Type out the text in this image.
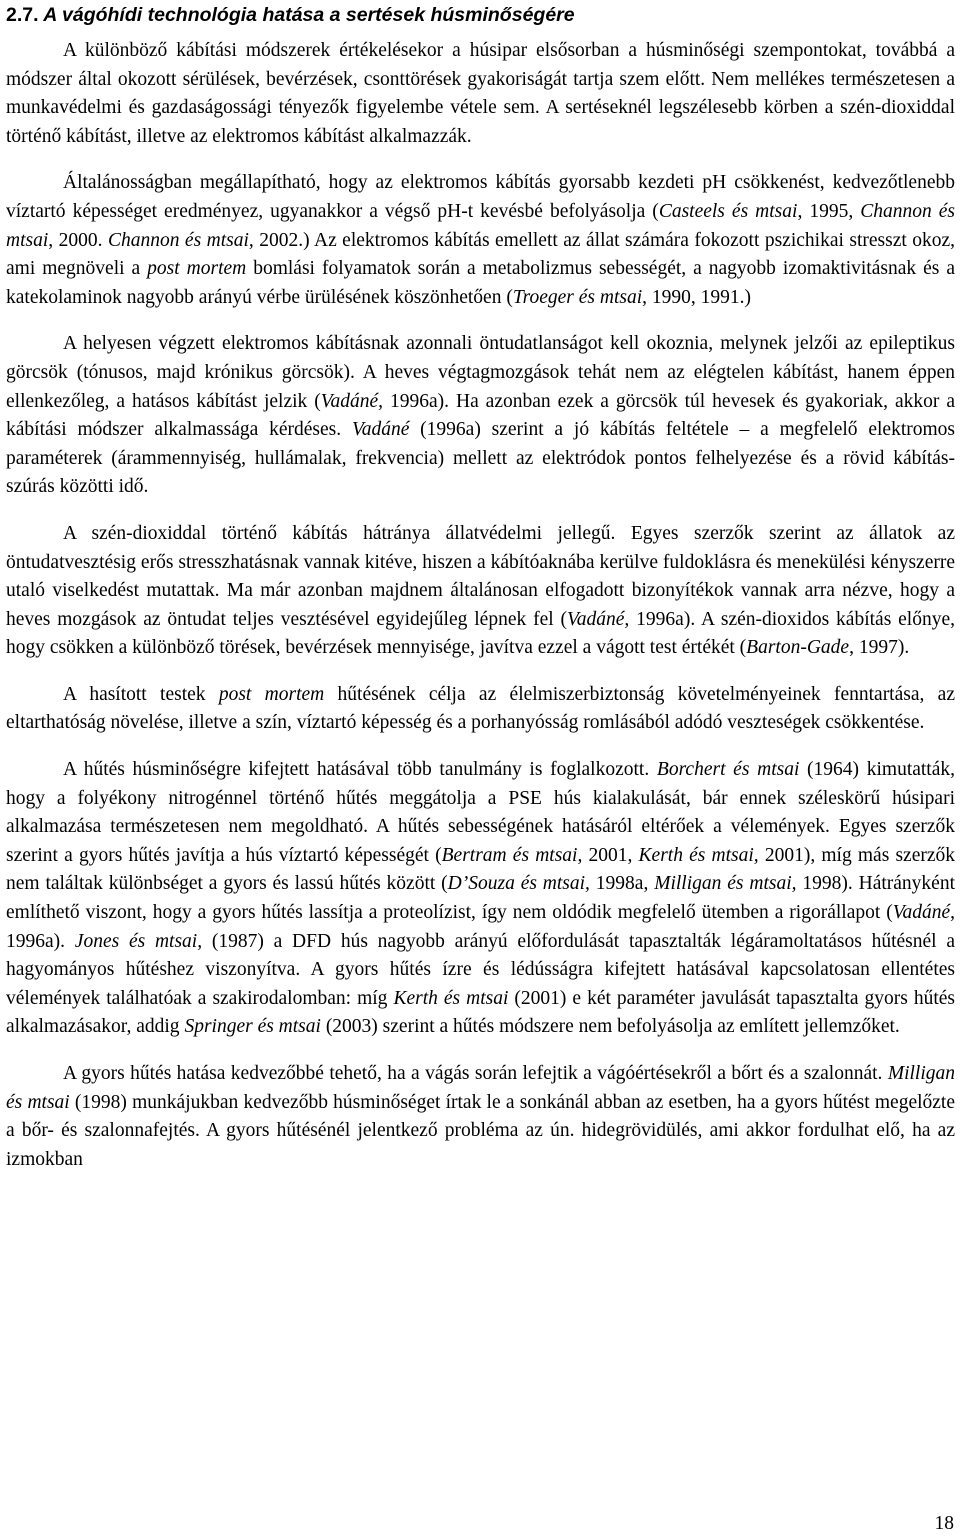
2.7. A vágóhídi technológia hatása a sertések húsminőségére

A különböző kábítási módszerek értékelésekor a húsipar elsősorban a húsminőségi szempontokat, továbbá a módszer által okozott sérülések, bevérzések, csonttörések gyakoriságát tartja szem előtt. Nem mellékes természetesen a munkavédelmi és gazdaságossági tényezők figyelembe vétele sem. A sertéseknél legszélesebb körben a szén-dioxiddal történő kábítást, illetve az elektromos kábítást alkalmazzák.

Általánosságban megállapítható, hogy az elektromos kábítás gyorsabb kezdeti pH csökkenést, kedvezőtlenebb víztartó képességet eredményez, ugyanakkor a végső pH-t kevésbé befolyásolja (Casteels és mtsai, 1995, Channon és mtsai, 2000. Channon és mtsai, 2002.) Az elektromos kábítás emellett az állat számára fokozott pszichikai stresszt okoz, ami megnöveli a post mortem bomlási folyamatok során a metabolizmus sebességét, a nagyobb izomaktivitásnak és a katekolaminok nagyobb arányú vérbe ürülésének köszönhetően (Troeger és mtsai, 1990, 1991.)

A helyesen végzett elektromos kábításnak azonnali öntudatlanságot kell okoznia, melynek jelzői az epileptikus görcsök (tónusos, majd krónikus görcsök). A heves végtagmozgások tehát nem az elégtelen kábítást, hanem éppen ellenkezőleg, a hatásos kábítást jelzik (Vadáné, 1996a). Ha azonban ezek a görcsök túl hevesek és gyakoriak, akkor a kábítási módszer alkalmassága kérdéses. Vadáné (1996a) szerint a jó kábítás feltétele – a megfelelő elektromos paraméterek (árammennyiség, hullámalak, frekvencia) mellett az elektródok pontos felhelyezése és a rövid kábítás-szúrás közötti idő.

A szén-dioxiddal történő kábítás hátránya állatvédelmi jellegű. Egyes szerzők szerint az állatok az öntudatvesztésig erős stresszhatásnak vannak kitéve, hiszen a kábítóaknába kerülve fuldoklásra és menekülési kényszerre utaló viselkedést mutattak. Ma már azonban majdnem általánosan elfogadott bizonyítékok vannak arra nézve, hogy a heves mozgások az öntudat teljes vesztésével egyidejűleg lépnek fel (Vadáné, 1996a). A szén-dioxidos kábítás előnye, hogy csökken a különböző törések, bevérzések mennyisége, javítva ezzel a vágott test értékét (Barton-Gade, 1997).

A hasított testek post mortem hűtésének célja az élelmiszerbiztonság követelményeinek fenntartása, az eltarthatóság növelése, illetve a szín, víztartó képesség és a porhanyósság romlásából adódó veszteségek csökkentése.

A hűtés húsminőségre kifejtett hatásával több tanulmány is foglalkozott. Borchert és mtsai (1964) kimutatták, hogy a folyékony nitrogénnel történő hűtés meggátolja a PSE hús kialakulását, bár ennek széleskörű húsipari alkalmazása természetesen nem megoldható. A hűtés sebességének hatásáról eltérőek a vélemények. Egyes szerzők szerint a gyors hűtés javítja a hús víztartó képességét (Bertram és mtsai, 2001, Kerth és mtsai, 2001), míg más szerzők nem találtak különbséget a gyors és lassú hűtés között (D’Souza és mtsai, 1998a, Milligan és mtsai, 1998). Hátrányként említhető viszont, hogy a gyors hűtés lassítja a proteolízist, így nem oldódik megfelelő ütemben a rigorállapot (Vadáné, 1996a). Jones és mtsai, (1987) a DFD hús nagyobb arányú előfordulását tapasztalták légáramoltatásos hűtésnél a hagyományos hűtéshez viszonyítva. A gyors hűtés ízre és lédússágra kifejtett hatásával kapcsolatosan ellentétes vélemények találhatóak a szakirodalomban: míg Kerth és mtsai (2001) e két paraméter javulását tapasztalta gyors hűtés alkalmazásakor, addig Springer és mtsai (2003) szerint a hűtés módszere nem befolyásolja az említett jellemzőket.

A gyors hűtés hatása kedvezőbbé tehető, ha a vágás során lefejtik a vágóértésekről a bőrt és a szalonnát. Milligan és mtsai (1998) munkájukban kedvezőbb húsminőséget írtak le a sonkánál abban az esetben, ha a gyors hűtést megelőzte a bőr- és szalonnafejtés. A gyors hűtésénél jelentkező probléma az ún. hidegrövidülés, ami akkor fordulhat elő, ha az izmokban

18
